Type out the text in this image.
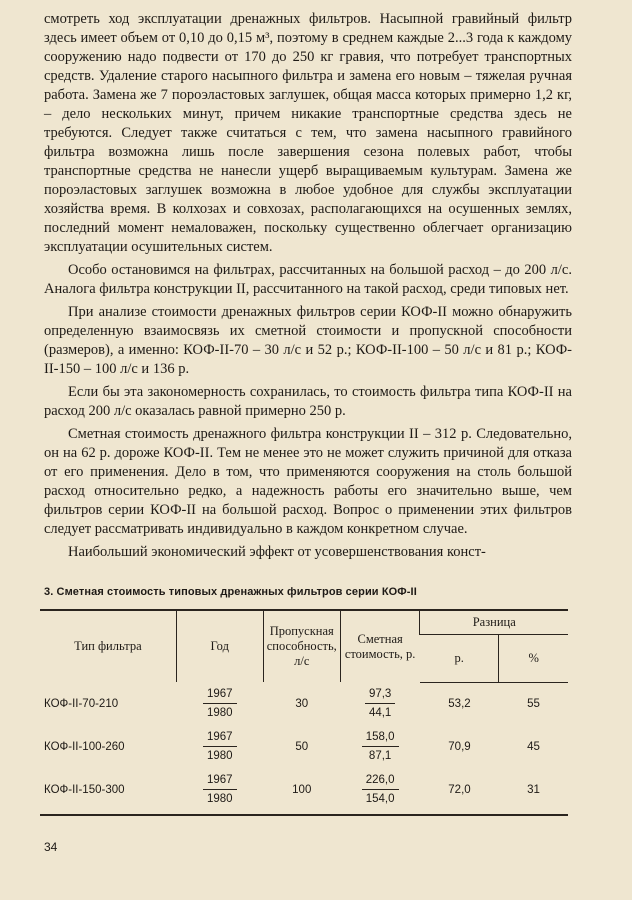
смотреть ход эксплуатации дренажных фильтров. Насыпной гравийный фильтр здесь имеет объем от 0,10 до 0,15 м³, поэтому в среднем каждые 2...3 года к каждому сооружению надо подвести от 170 до 250 кг гравия, что потребует транспортных средств. Удаление старого насыпного фильтра и замена его новым – тяжелая ручная работа. Замена же 7 пороэластовых заглушек, общая масса которых примерно 1,2 кг, – дело нескольких минут, причем никакие транспортные средства здесь не требуются. Следует также считаться с тем, что замена насыпного гравийного фильтра возможна лишь после завершения сезона полевых работ, чтобы транспортные средства не нанесли ущерб выращиваемым культурам. Замена же пороэластовых заглушек возможна в любое удобное для службы эксплуатации хозяйства время. В колхозах и совхозах, располагающихся на осушенных землях, последний момент немаловажен, поскольку существенно облегчает организацию эксплуатации осушительных систем.

Особо остановимся на фильтрах, рассчитанных на большой расход – до 200 л/с. Аналога фильтра конструкции II, рассчитанного на такой расход, среди типовых нет.

При анализе стоимости дренажных фильтров серии КОФ-II можно обнаружить определенную взаимосвязь их сметной стоимости и пропускной способности (размеров), а именно: КОФ-II-70 – 30 л/с и 52 р.; КОФ-II-100 – 50 л/с и 81 р.; КОФ-II-150 – 100 л/с и 136 р.

Если бы эта закономерность сохранилась, то стоимость фильтра типа КОФ-II на расход 200 л/с оказалась равной примерно 250 р.

Сметная стоимость дренажного фильтра конструкции II – 312 р. Следовательно, он на 62 р. дороже КОФ-II. Тем не менее это не может служить причиной для отказа от его применения. Дело в том, что применяются сооружения на столь большой расход относительно редко, а надежность работы его значительно выше, чем фильтров серии КОФ-II на большой расход. Вопрос о применении этих фильтров следует рассматривать индивидуально в каждом конкретном случае.

Наибольший экономический эффект от усовершенствования конст-

3. Сметная стоимость типовых дренажных фильтров серии КОФ-II
Тип фильтра	Год	Пропускная способность, л/с	Сметная стоимость, р.	Разница	
				р.	%
КОФ-II-70-210	$\frac{1967}{1980}$	30	$\frac{97,3}{44,1}$	53,2	55
КОФ-II-100-260	$\frac{1967}{1980}$	50	$\frac{158,0}{87,1}$	70,9	45
КОФ-II-150-300	$\frac{1967}{1980}$	100	$\frac{226,0}{154,0}$	72,0	31
34
